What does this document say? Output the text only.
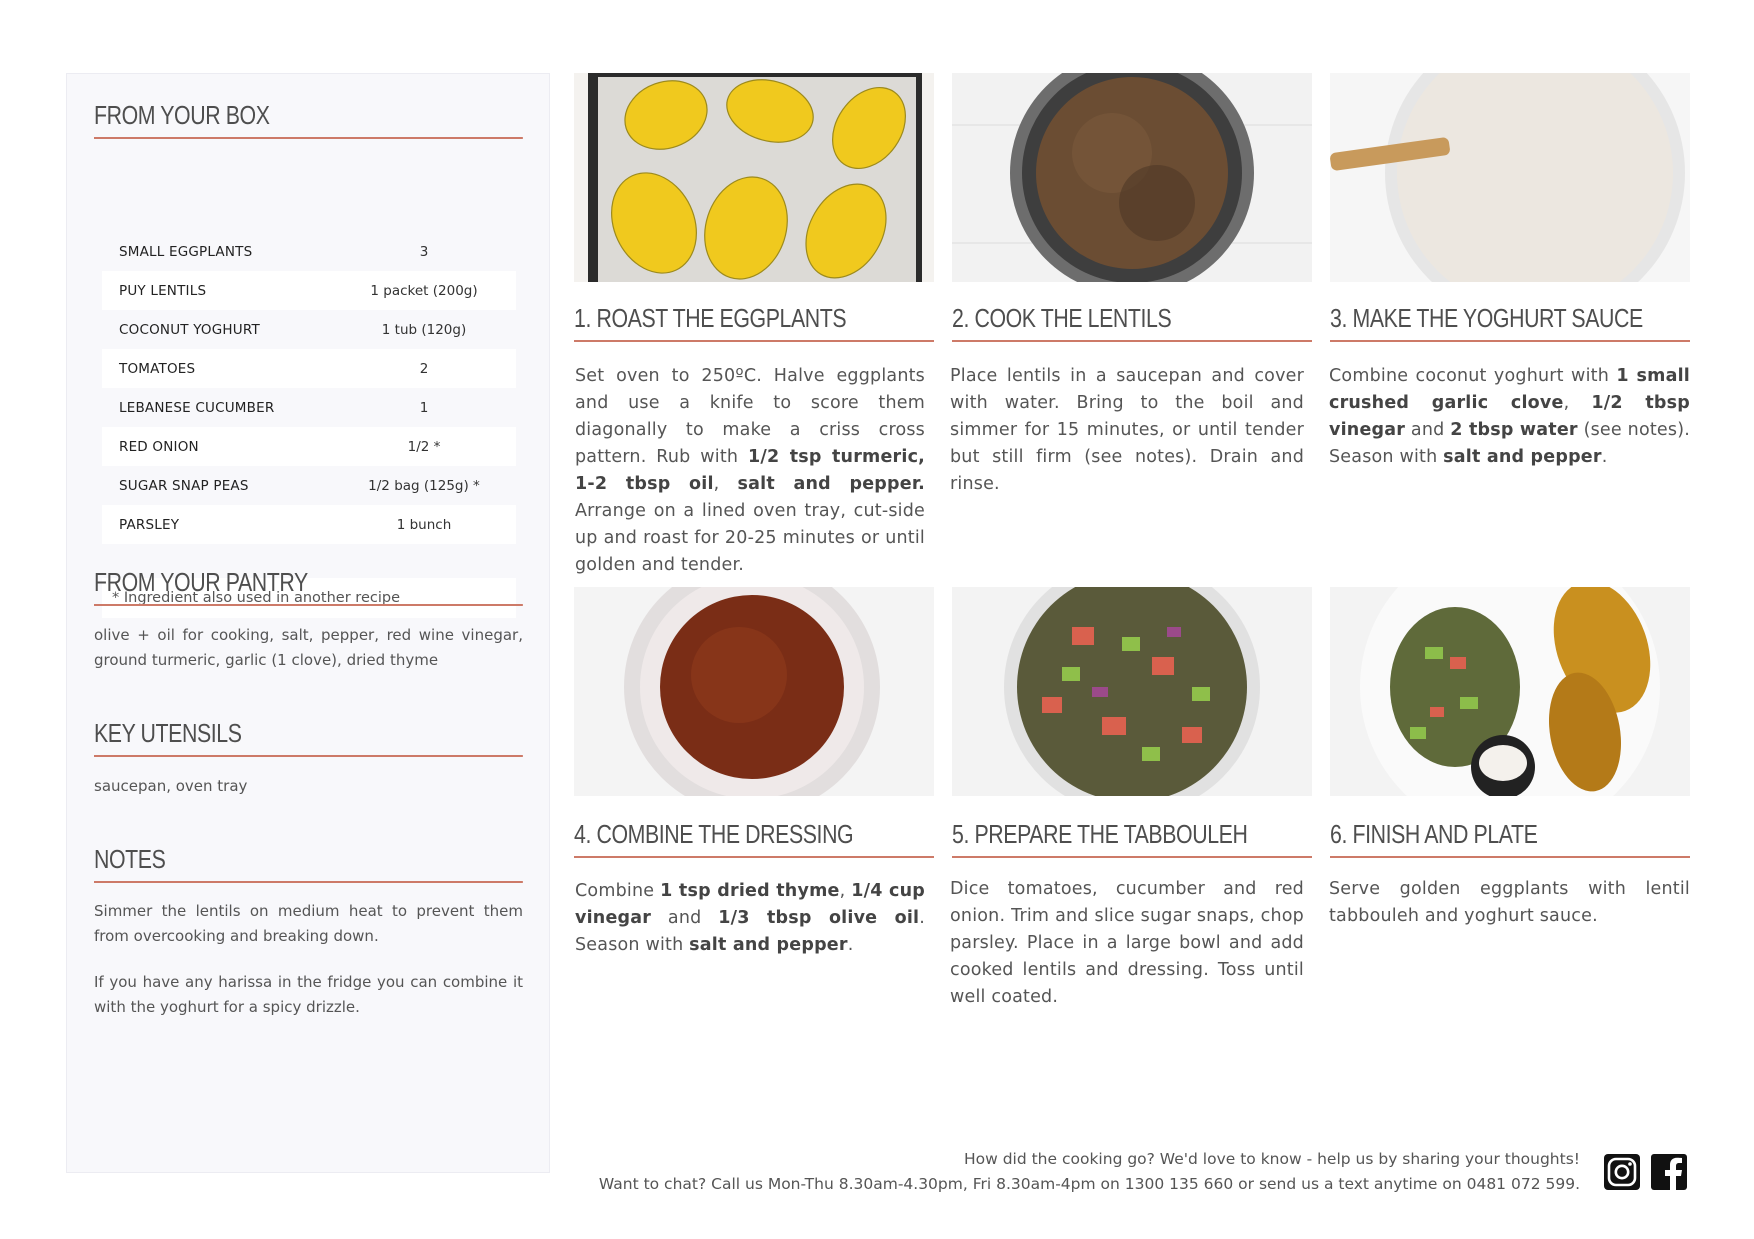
FROM YOUR BOX
SMALL EGGPLANTS	3
PUY LENTILS	1 packet (200g)
COCONUT YOGHURT	1 tub (120g)
TOMATOES	2
LEBANESE CUCUMBER	1
RED ONION	1/2 *
SUGAR SNAP PEAS	1/2 bag (125g) *
PARSLEY	1 bunch
* Ingredient also used in another recipe
FROM YOUR PANTRY
olive + oil for cooking, salt, pepper, red wine vinegar, ground turmeric, garlic (1 clove), dried thyme
KEY UTENSILS
saucepan, oven tray
NOTES
Simmer the lentils on medium heat to prevent them from overcooking and breaking down.
If you have any harissa in the fridge you can combine it with the yoghurt for a spicy drizzle.
1. ROAST THE EGGPLANTS	2. COOK THE LENTILS	3. MAKE THE YOGHURT SAUCE
4. COMBINE THE DRESSING	5. PREPARE THE TABBOULEH	6. FINISH AND PLATE
Set oven to 250ºC. Halve eggplants and use a knife to score them diagonally to make a criss cross pattern. Rub with 1/2 tsp turmeric, 1-2 tbsp oil, salt and pepper. Arrange on a lined oven tray, cut-side up and roast for 20-25 minutes or until golden and tender.
Place lentils in a saucepan and cover with water. Bring to the boil and simmer for 15 minutes, or until tender but still firm (see notes). Drain and rinse.
Combine coconut yoghurt with 1 small crushed garlic clove, 1/2 tbsp vinegar and 2 tbsp water (see notes). Season with salt and pepper.
Combine 1 tsp dried thyme, 1/4 cup vinegar and 1/3 tbsp olive oil. Season with salt and pepper.
Dice tomatoes, cucumber and red onion. Trim and slice sugar snaps, chop parsley. Place in a large bowl and add cooked lentils and dressing. Toss until well coated.
Serve golden eggplants with lentil tabbouleh and yoghurt sauce.
How did the cooking go? We'd love to know - help us by sharing your thoughts!
Want to chat? Call us Mon-Thu 8.30am-4.30pm, Fri 8.30am-4pm on 1300 135 660 or send us a text anytime on 0481 072 599.
